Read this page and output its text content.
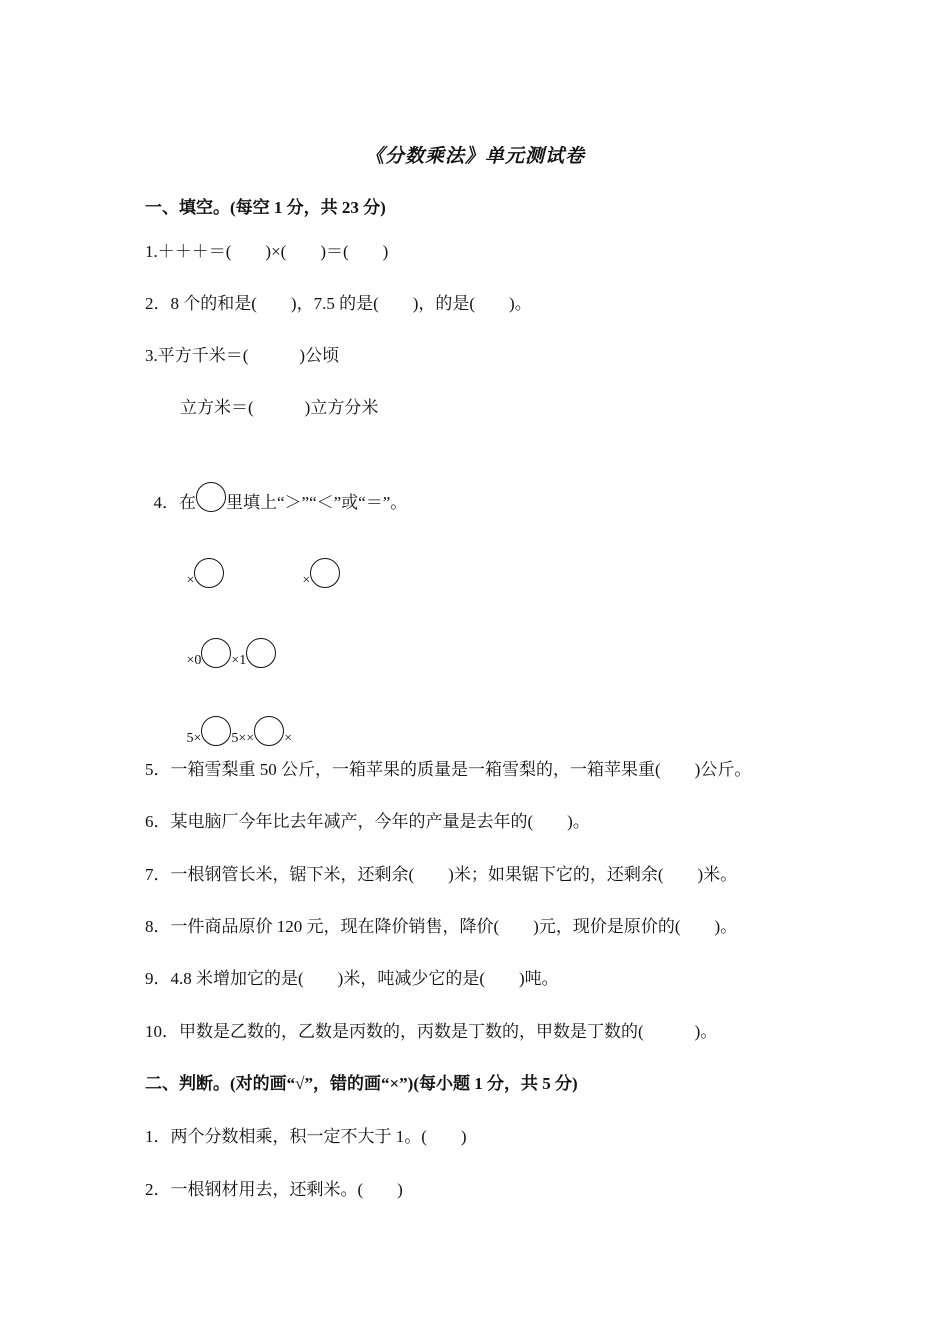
《分数乘法》单元测试卷
一、填空。(每空 1 分，共 23 分)
1.＋＋＋＝(　　)×(　　)＝(　　)
2．8 个的和是(　　)，7.5 的是(　　)，的是(　　)。
3.平方千米＝(　　　)公顷
立方米＝(　　　)立方分米

4．在 里填上“＞”“＜”或“＝”。

×	×

×0 ×1

5× 5×× ×

5．一箱雪梨重 50 公斤，一箱苹果的质量是一箱雪梨的，一箱苹果重(　　)公斤。
6．某电脑厂今年比去年减产，今年的产量是去年的(　　)。
7．一根钢管长米，锯下米，还剩余(　　)米；如果锯下它的，还剩余(　　)米。
8．一件商品原价 120 元，现在降价销售，降价(　　)元，现价是原价的(　　)。
9．4.8 米增加它的是(　　)米，吨减少它的是(　　)吨。
10．甲数是乙数的，乙数是丙数的，丙数是丁数的，甲数是丁数的(　　　)。
二、判断。(对的画“√”，错的画“×”)(每小题 1 分，共 5 分)
1．两个分数相乘，积一定不大于 1。(　　)
2．一根钢材用去，还剩米。(　　)
